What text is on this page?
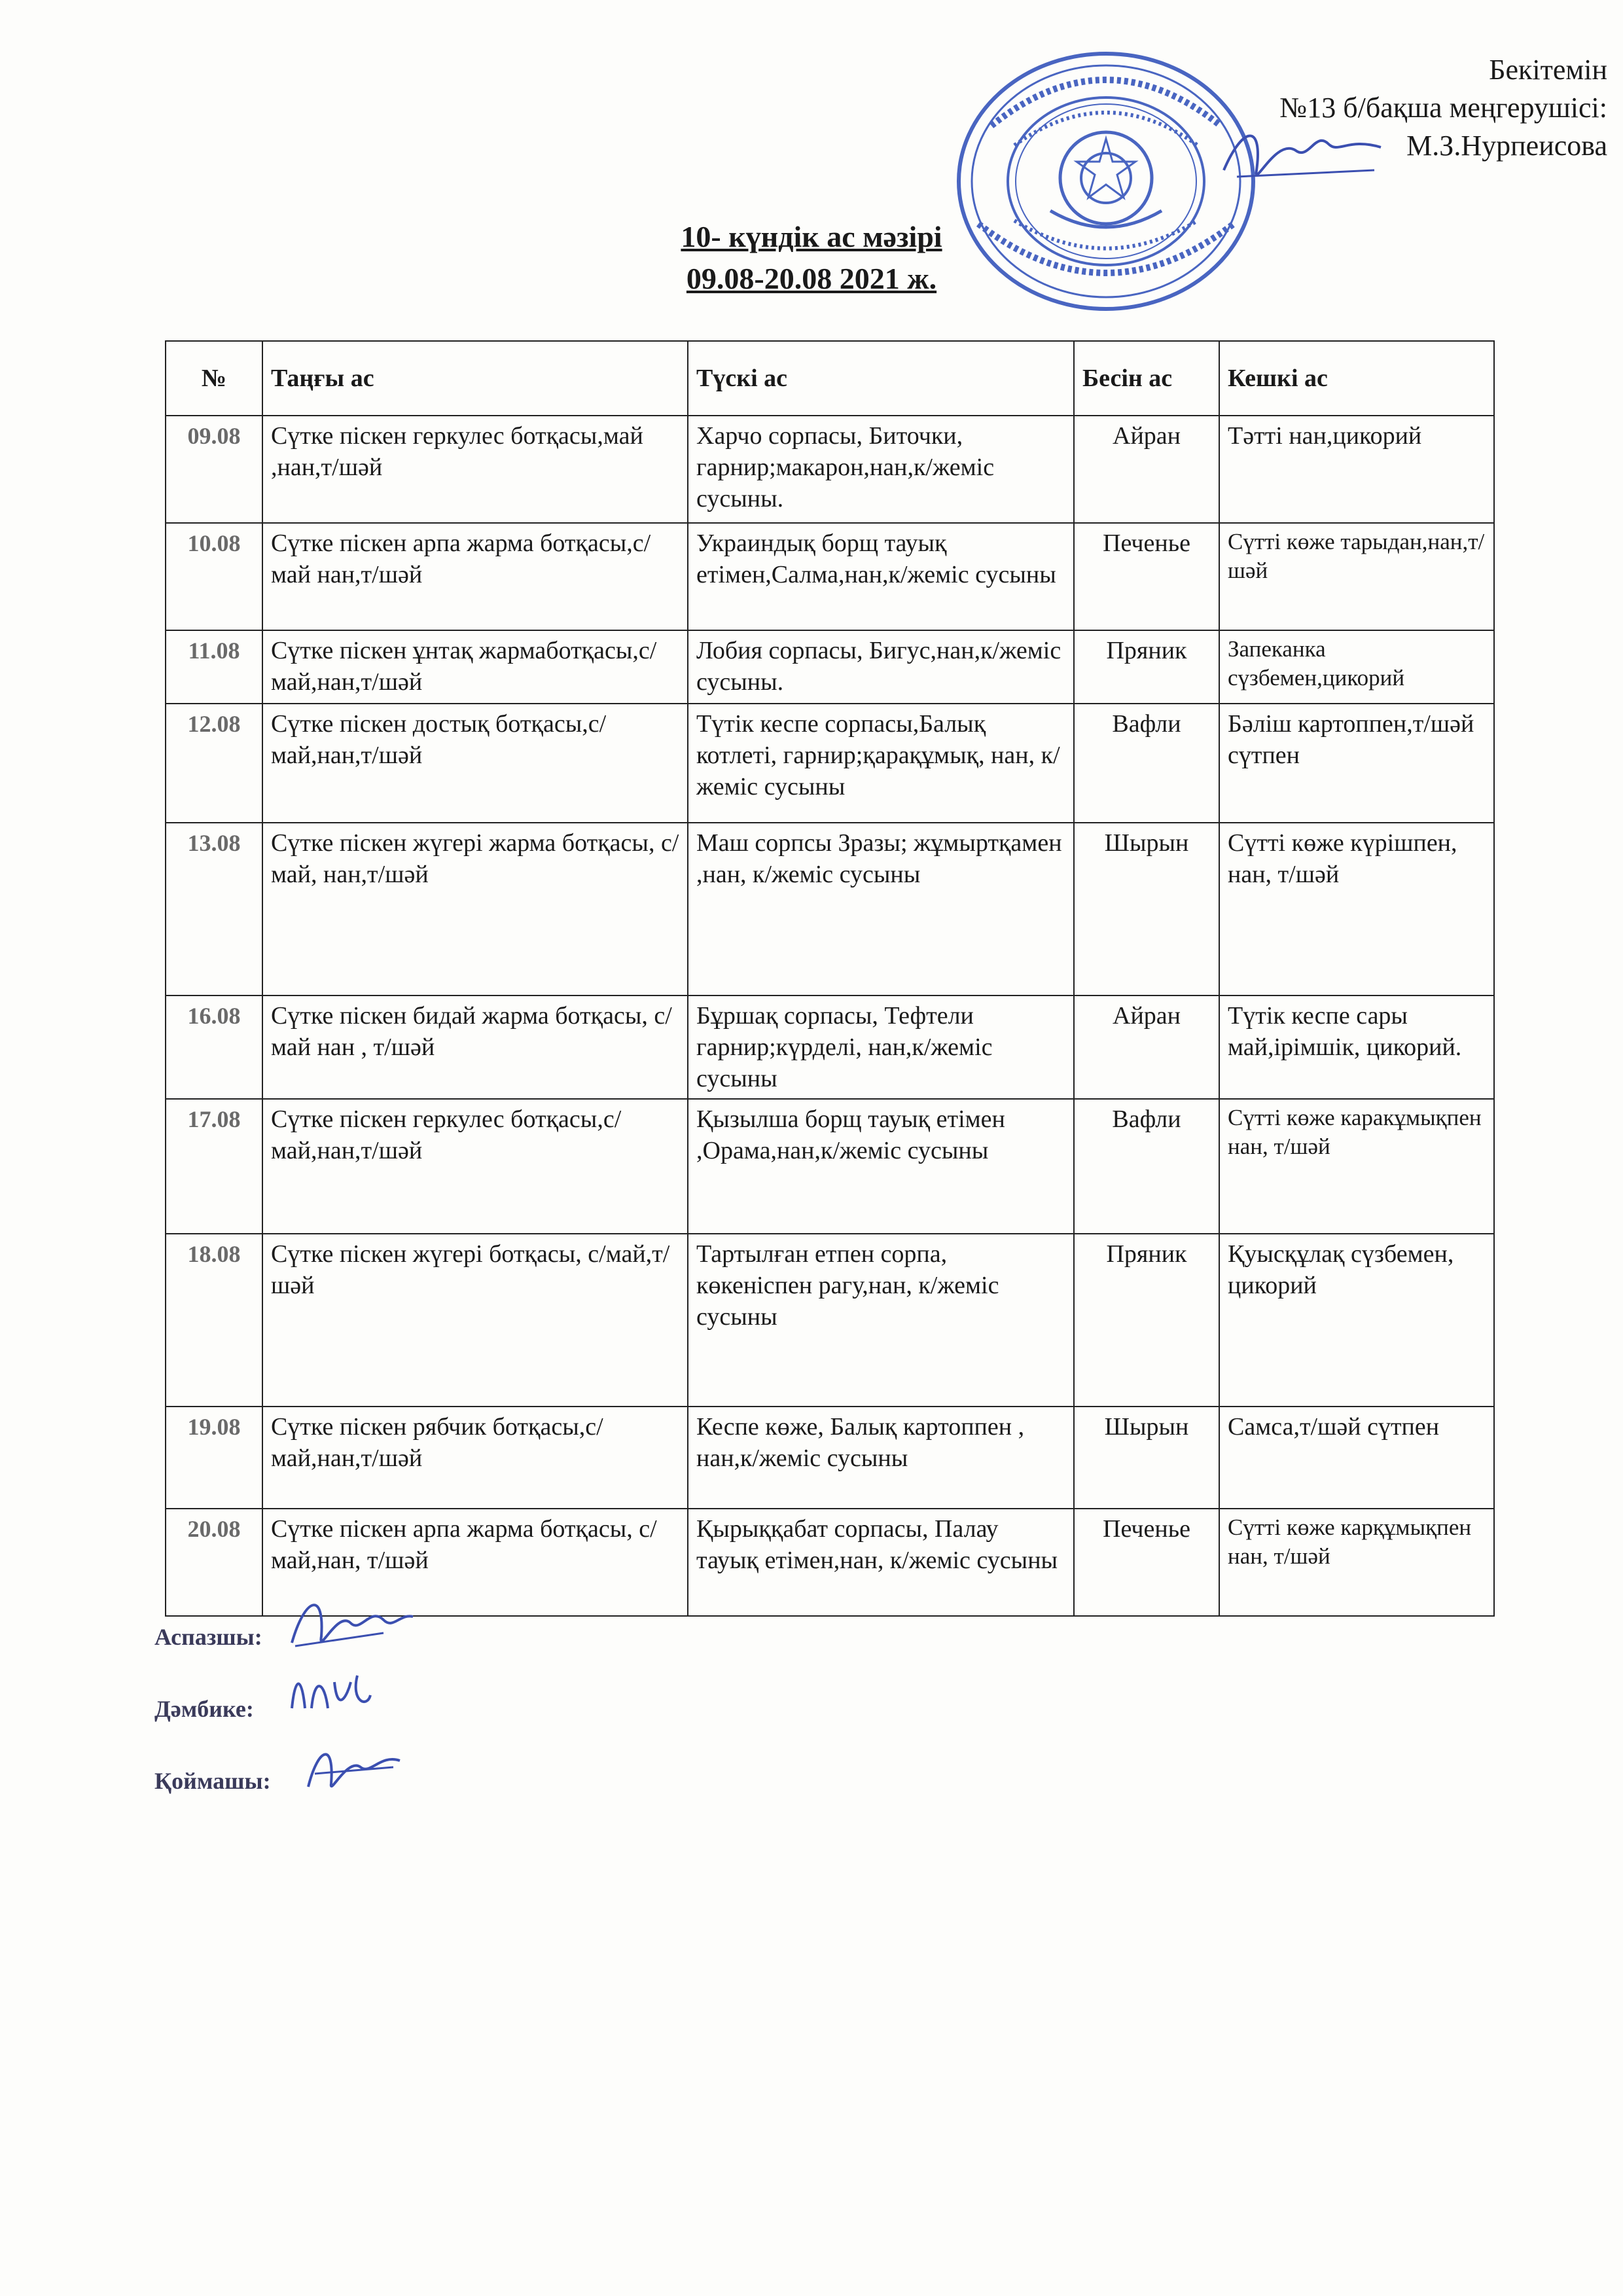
Бекітемін
№13 б/бақша меңгерушісі:
М.З.Нурпеисова
10- күндік ас мәзірі
09.08-20.08 2021 ж.
№	Таңғы ас	Түскі ас	Бесін ас	Кешкі ас
09.08	Сүтке піскен геркулес ботқасы,май ,нан,т/шәй	Харчо сорпасы, Биточки, гарнир;макарон,нан,к/жеміс сусыны.	Айран	Тәтті нан,цикорий
10.08	Сүтке піскен арпа жарма ботқасы,с/май нан,т/шәй	Украиндық борщ тауық етімен,Салма,нан,к/жеміс сусыны	Печенье	Сүтті көже тарыдан,нан,т/шәй
11.08	Сүтке піскен ұнтақ жармаботқасы,с/май,нан,т/шәй	Лобия сорпасы, Бигус,нан,к/жеміс сусыны.	Пряник	Запеканка сүзбемен,цикорий
12.08	Сүтке піскен достық ботқасы,с/май,нан,т/шәй	Түтік кеспе сорпасы,Балық котлеті, гарнир;қарақұмық, нан, к/жеміс сусыны	Вафли	Бәліш картоппен,т/шәй сүтпен
13.08	Сүтке піскен жүгері жарма ботқасы, с/май, нан,т/шәй	Маш сорпсы Зразы; жұмыртқамен ,нан, к/жеміс сусыны	Шырын	Сүтті көже күрішпен, нан, т/шәй
16.08	Сүтке піскен бидай жарма ботқасы, с/май нан , т/шәй	Бұршақ сорпасы, Тефтели гарнир;күрделі, нан,к/жеміс сусыны	Айран	Түтік кеспе сары май,ірімшік, цикорий.
17.08	Сүтке піскен геркулес ботқасы,с/май,нан,т/шәй	Қызылша борщ тауық етімен ,Орама,нан,к/жеміс сусыны	Вафли	Сүтті көже каракұмықпен нан, т/шәй
18.08	Сүтке піскен жүгері ботқасы, с/май,т/шәй	Тартылған етпен сорпа, көкеніспен рагу,нан, к/жеміс сусыны	Пряник	Қуысқұлақ сүзбемен, цикорий
19.08	Сүтке піскен рябчик ботқасы,с/май,нан,т/шәй	Кеспе көже, Балық картоппен , нан,к/жеміс сусыны	Шырын	Самса,т/шәй сүтпен
20.08	Сүтке піскен арпа жарма ботқасы, с/май,нан, т/шәй	Қырыққабат сорпасы, Палау тауық етімен,нан, к/жеміс сусыны	Печенье	Сүтті көже карқұмықпен нан, т/шәй
Аспазшы:
Дәмбике:
Қоймашы:
